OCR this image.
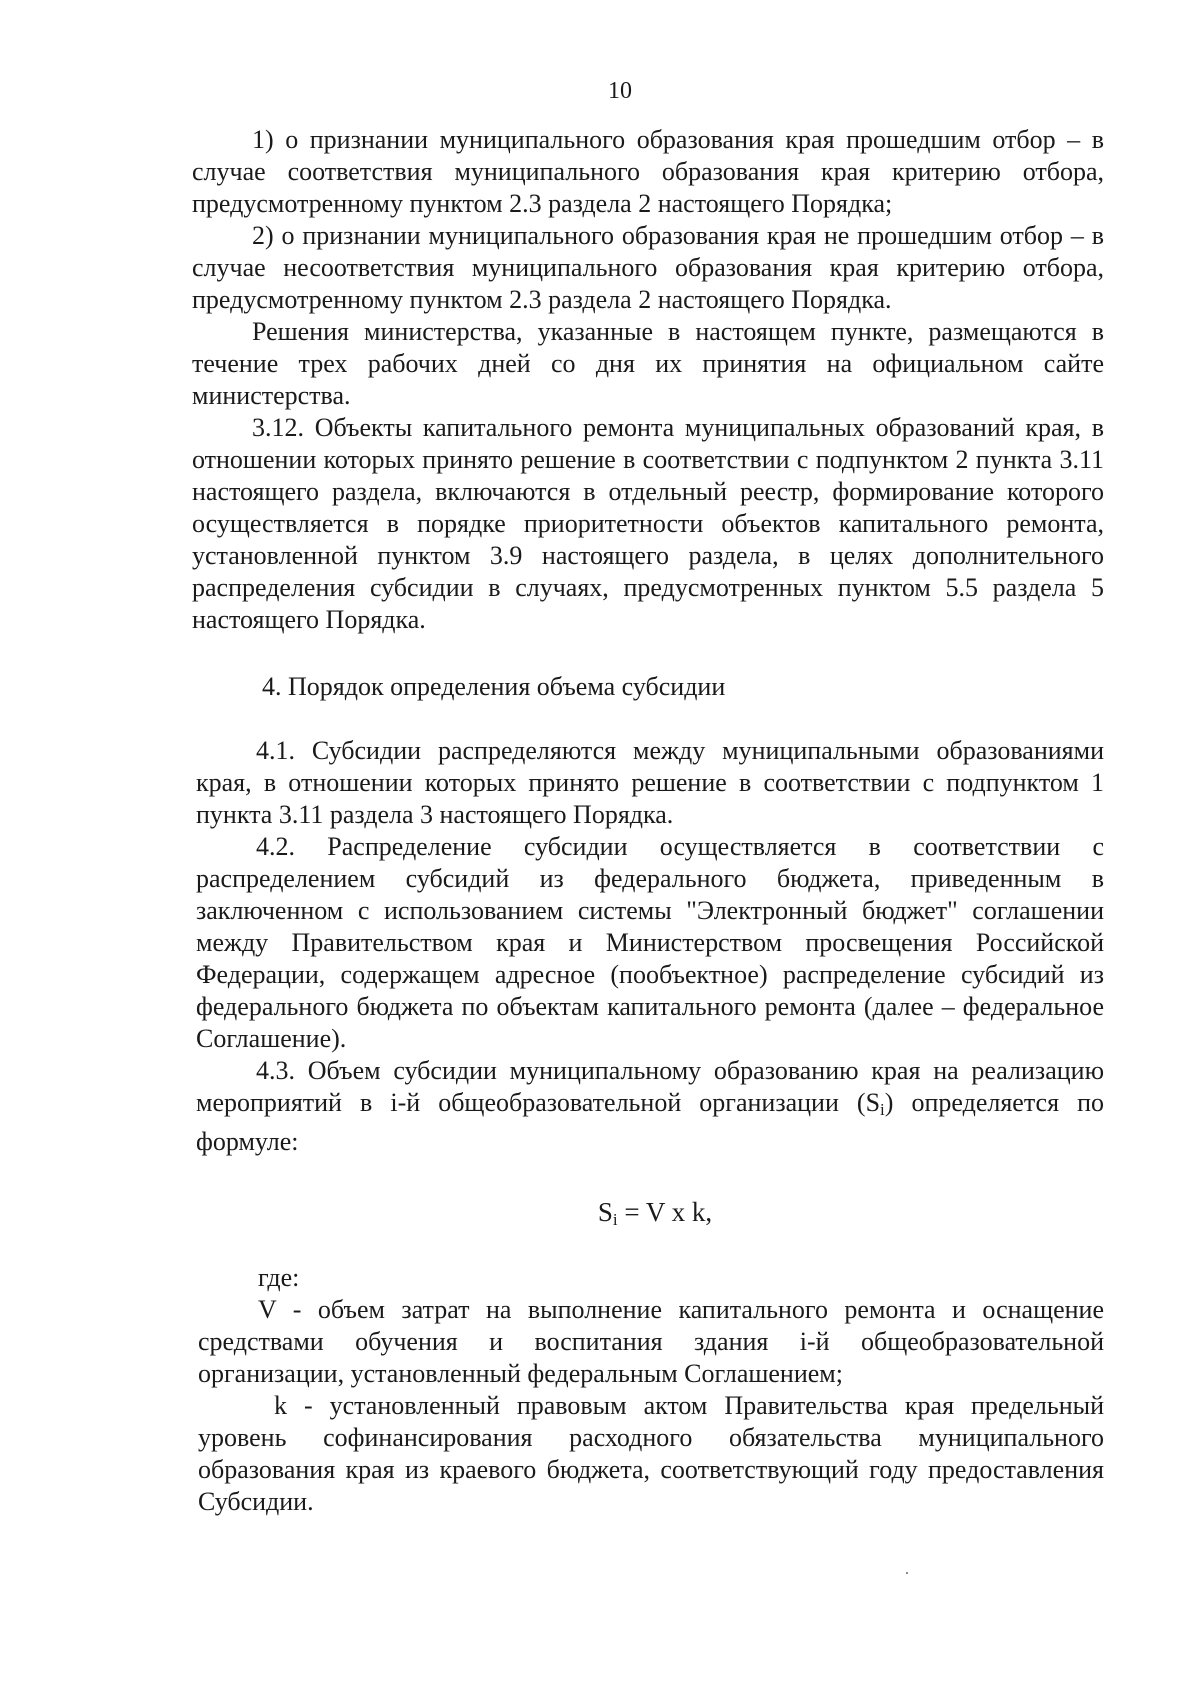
10

1) о признании муниципального образования края прошедшим отбор – в случае соответствия муниципального образования края критерию отбора, предусмотренному пунктом 2.3 раздела 2 настоящего Порядка;

2) о признании муниципального образования края не прошедшим отбор – в случае несоответствия муниципального образования края критерию отбора, предусмотренному пунктом 2.3 раздела 2 настоящего Порядка.

Решения министерства, указанные в настоящем пункте, размещаются в течение трех рабочих дней со дня их принятия на официальном сайте министерства.

3.12. Объекты капитального ремонта муниципальных образований края, в отношении которых принято решение в соответствии с подпунктом 2 пункта 3.11 настоящего раздела, включаются в отдельный реестр, формирование которого осуществляется в порядке приоритетности объектов капитального ремонта, установленной пунктом 3.9 настоящего раздела, в целях дополнительного распределения субсидии в случаях, предусмотренных пунктом 5.5 раздела 5 настоящего Порядка.

4. Порядок определения объема субсидии

4.1. Субсидии распределяются между муниципальными образованиями края, в отношении которых принято решение в соответствии с подпунктом 1 пункта 3.11 раздела 3 настоящего Порядка.

4.2. Распределение субсидии осуществляется в соответствии с распределением субсидий из федерального бюджета, приведенным в заключенном с использованием системы "Электронный бюджет" соглашении между Правительством края и Министерством просвещения Российской Федерации, содержащем адресное (пообъектное) распределение субсидий из федерального бюджета по объектам капитального ремонта (далее – федеральное Соглашение).

4.3. Объем субсидии муниципальному образованию края на реализацию мероприятий в i-й общеобразовательной организации $(S_i)$ определяется по формуле:

$S_i = V$ x k,

где:

V - объем затрат на выполнение капитального ремонта и оснащение средствами обучения и воспитания здания i-й общеобразовательной организации, установленный федеральным Соглашением;

k - установленный правовым актом Правительства края предельный уровень софинансирования расходного обязательства муниципального образования края из краевого бюджета, соответствующий году предоставления Субсидии.
